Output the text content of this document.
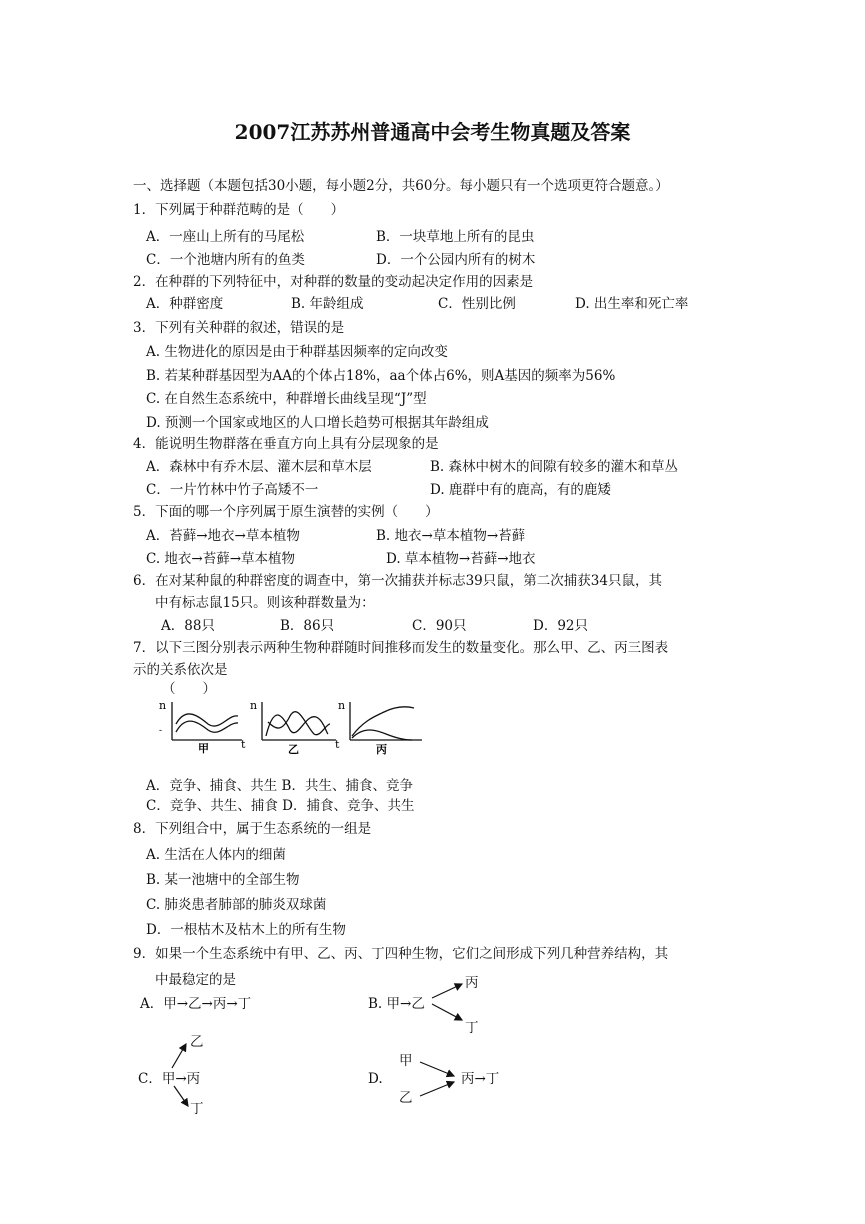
2007江苏苏州普通高中会考生物真题及答案
一、选择题（本题包括30小题，每小题2分，共60分。每小题只有一个选项更符合题意。）
1．下列属于种群范畴的是（　　）
A．一座山上所有的马尾松	B．一块草地上所有的昆虫
C．一个池塘内所有的鱼类	D．一个公园内所有的树木
2．在种群的下列特征中，对种群的数量的变动起决定作用的因素是
A．种群密度	B. 年龄组成	C．性别比例	D. 出生率和死亡率
3．下列有关种群的叙述，错误的是
A. 生物进化的原因是由于种群基因频率的定向改变
B. 若某种群基因型为AA的个体占18%，aa个体占6%，则A基因的频率为56%
C. 在自然生态系统中，种群增长曲线呈现“J”型
D. 预测一个国家或地区的人口增长趋势可根据其年龄组成
4．能说明生物群落在垂直方向上具有分层现象的是
A．森林中有乔木层、灌木层和草木层	B. 森林中树木的间隙有较多的灌木和草丛
C．一片竹林中竹子高矮不一	D. 鹿群中有的鹿高，有的鹿矮
5．下面的哪一个序列属于原生演替的实例（　　）
A．苔藓→地衣→草本植物	B. 地衣→草本植物→苔藓
C. 地衣→苔藓→草本植物	D. 草本植物→苔藓→地衣
6．在对某种鼠的种群密度的调查中，第一次捕获并标志39只鼠，第二次捕获34只鼠，其
中有标志鼠15只。则该种群数量为：
A．88只	B．86只	C．90只	D．92只
7．以下三图分别表示两种生物种群随时间推移而发生的数量变化。那么甲、乙、丙三图表
示的关系依次是
（　　）
n
-
甲	t
n
乙	t
n
丙
A．竞争、捕食、共生 B．共生、捕食、竞争
C．竞争、共生、捕食 D．捕食、竞争、共生
8．下列组合中，属于生态系统的一组是
A. 生活在人体内的细菌
B. 某一池塘中的全部生物
C. 肺炎患者肺部的肺炎双球菌
D．一根枯木及枯木上的所有生物
9．如果一个生态系统中有甲、乙、丙、丁四种生物，它们之间形成下列几种营养结构，其
中最稳定的是
A．甲→乙→丙→丁	B. 甲→乙
丙
丁
C．甲→丙
乙
丁
D.
甲
乙
丙→丁
